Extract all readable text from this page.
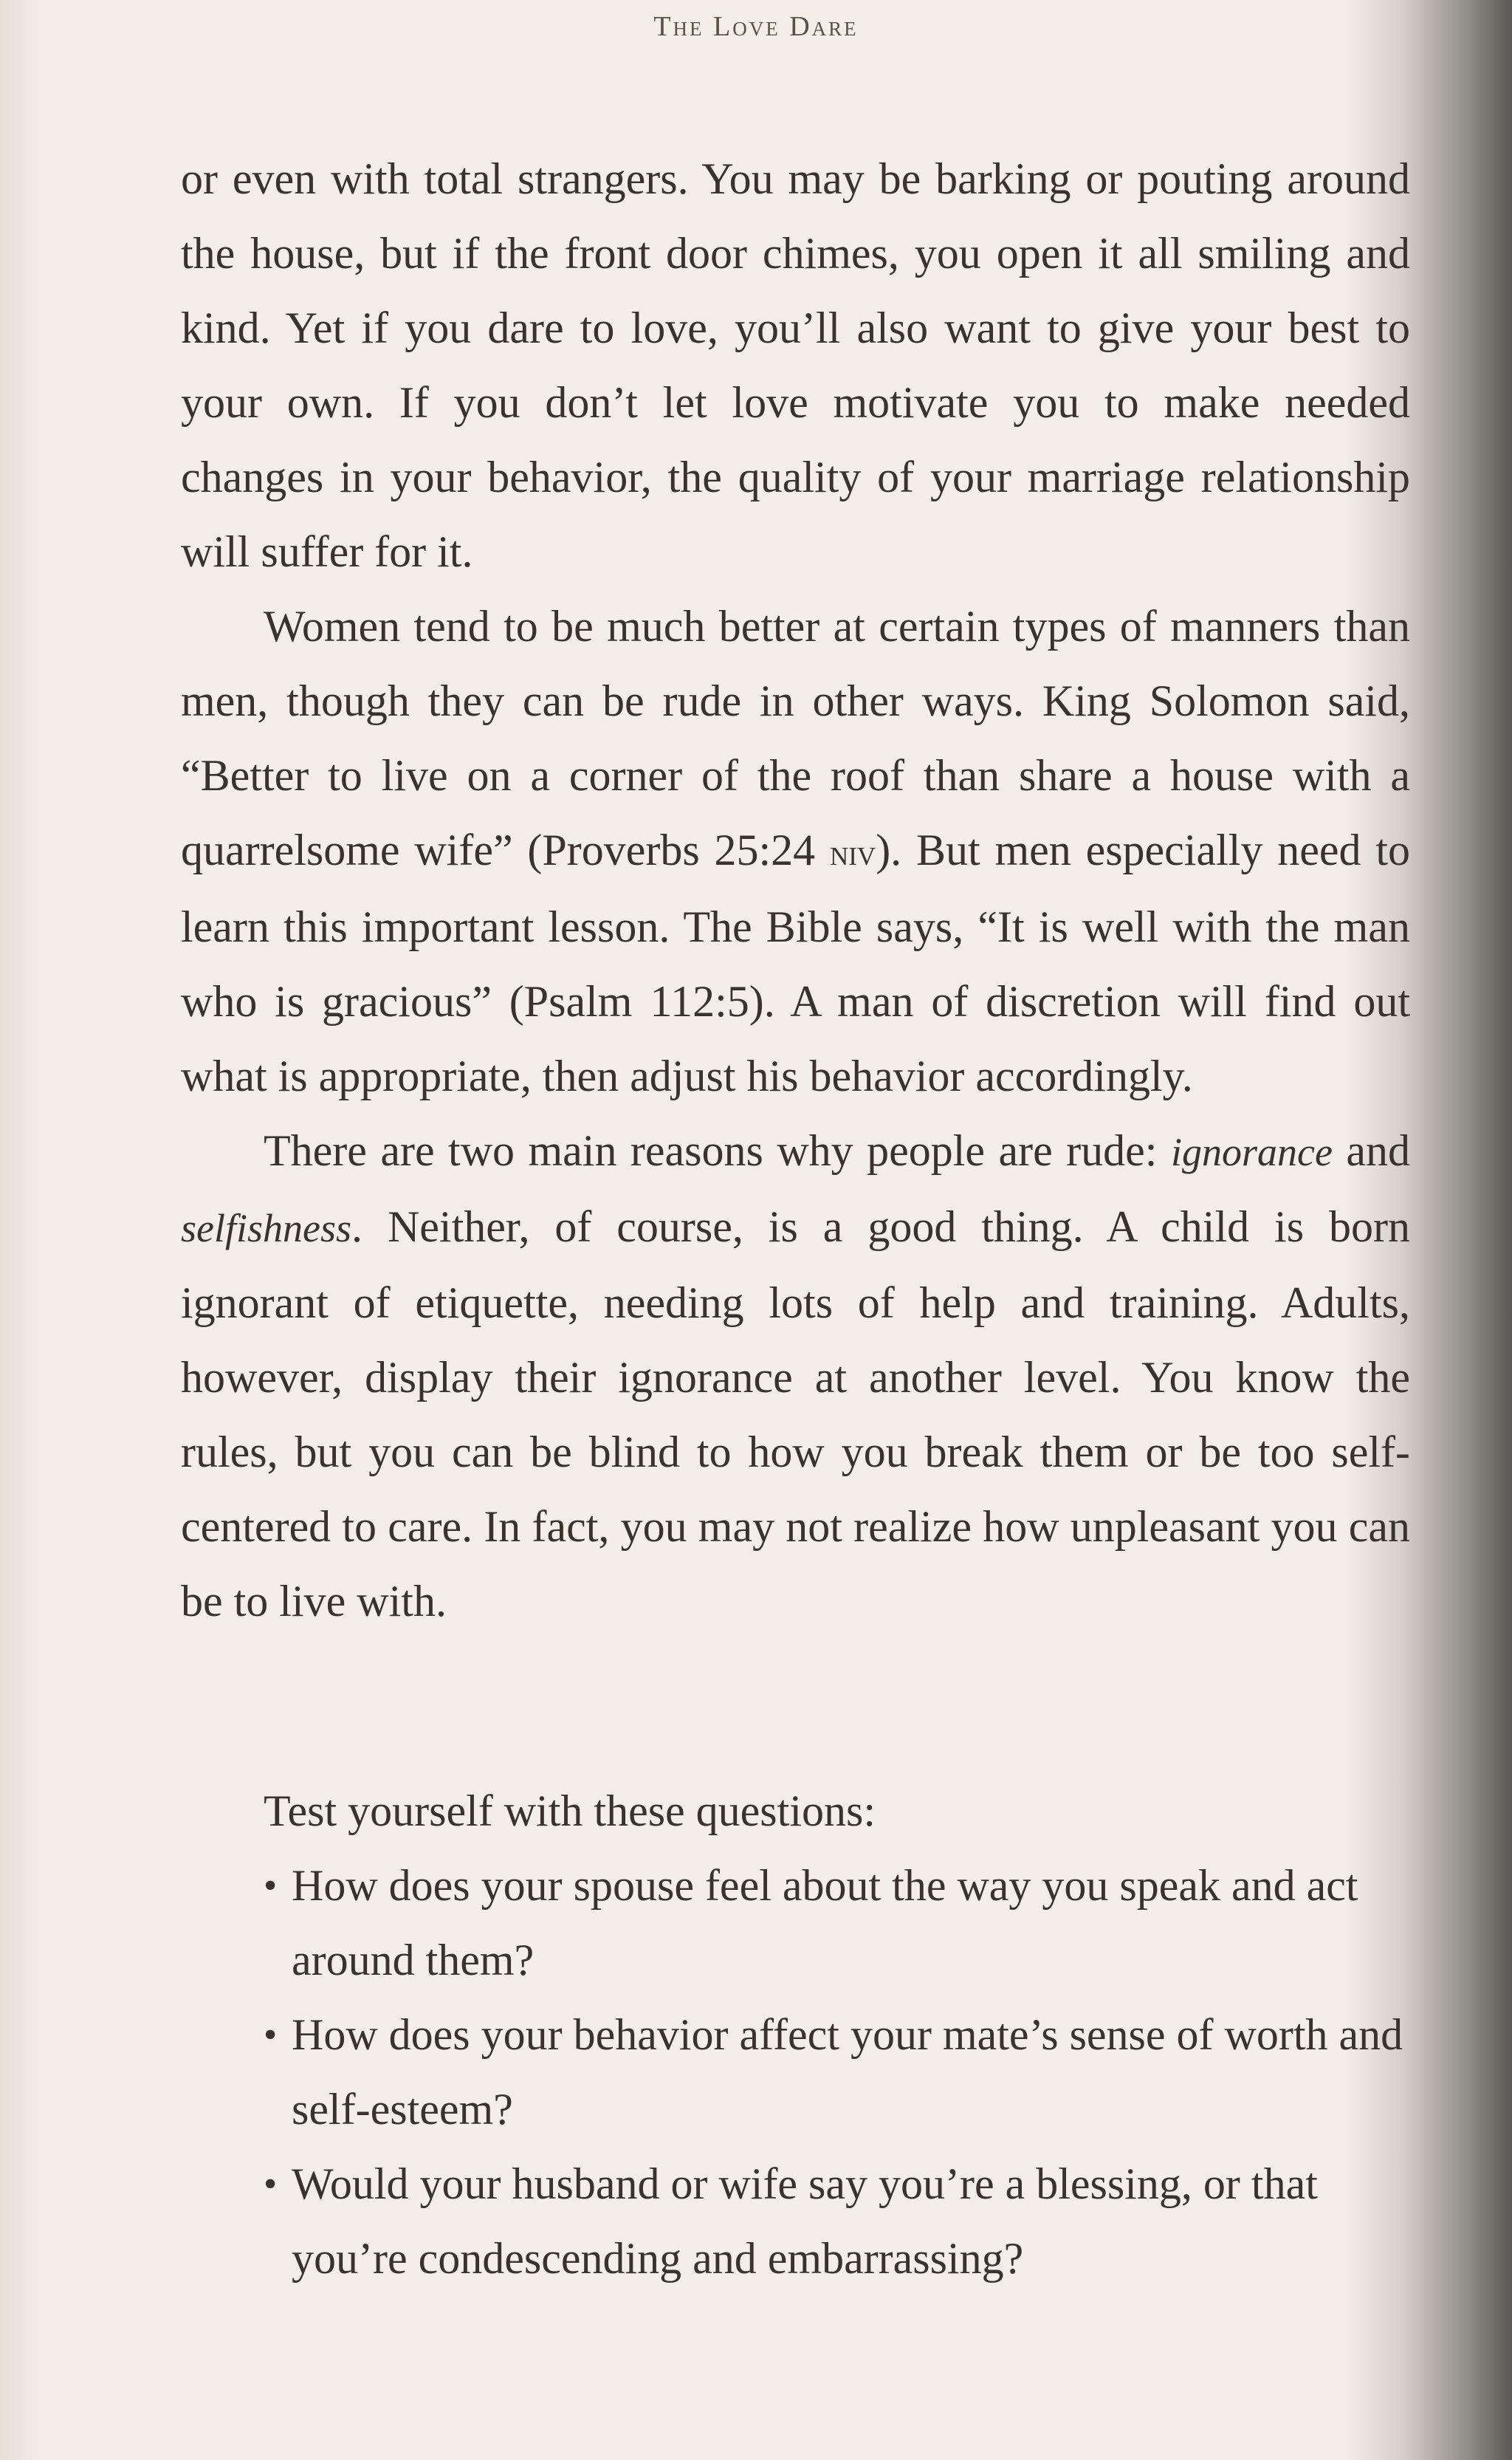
The Love Dare

or even with total strangers. You may be barking or pouting around the house, but if the front door chimes, you open it all smiling and kind. Yet if you dare to love, you’ll also want to give your best to your own. If you don’t let love motivate you to make needed changes in your behavior, the quality of your marriage relationship will suffer for it.

Women tend to be much better at certain types of manners than men, though they can be rude in other ways. King Solomon said, “Better to live on a corner of the roof than share a house with a quarrelsome wife” (Proverbs 25:24 niv). But men especially need to learn this important lesson. The Bible says, “It is well with the man who is gracious” (Psalm 112:5). A man of discretion will find out what is appropriate, then adjust his behavior accordingly.

There are two main reasons why people are rude: ignorance and selfishness. Neither, of course, is a good thing. A child is born ignorant of etiquette, needing lots of help and training. Adults, however, display their ignorance at another level. You know the rules, but you can be blind to how you break them or be too self-centered to care. In fact, you may not realize how unpleasant you can be to live with.

Test yourself with these questions:

• How does your spouse feel about the way you speak and act around them?
• How does your behavior affect your mate’s sense of worth and self-esteem?
• Would your husband or wife say you’re a blessing, or that you’re condescending and embarrassing?
